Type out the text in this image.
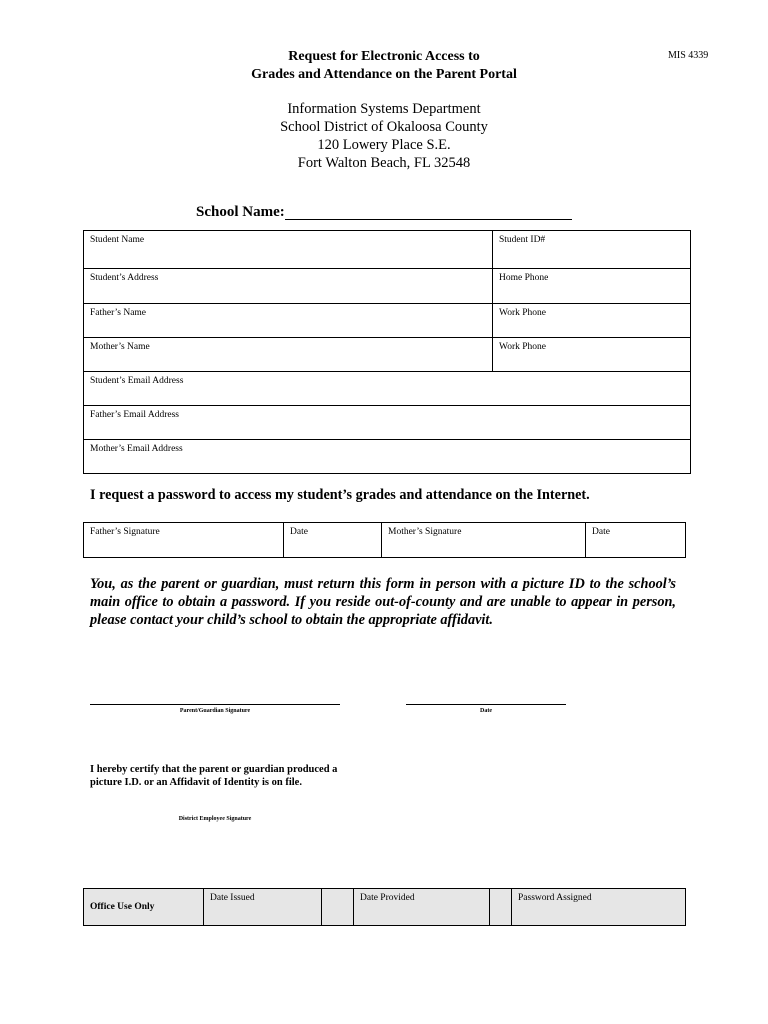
MIS 4339
Request for Electronic Access to
Grades and Attendance on the Parent Portal
Information Systems Department
School District of Okaloosa County
120 Lowery Place S.E.
Fort Walton Beach, FL 32548
School Name:
Student Name	Student ID#
Student’s Address	Home Phone
Father’s Name	Work Phone
Mother’s Name	Work Phone
Student’s Email Address	
Father’s Email Address	
Mother’s Email Address	
I request a password to access my student’s grades and attendance on the Internet.
Father’s Signature	Date	Mother’s Signature	Date
You, as the parent or guardian, must return this form in person with a picture ID to the school’s main office to obtain a password. If you reside out-of-county and are unable to appear in person, please contact your child’s school to obtain the appropriate affidavit.
Parent/Guardian Signature	Date
I hereby certify that the parent or guardian produced a
picture I.D. or an Affidavit of Identity is on file.
District Employee Signature
Office Use Only	Date Issued		Date Provided		Password Assigned
